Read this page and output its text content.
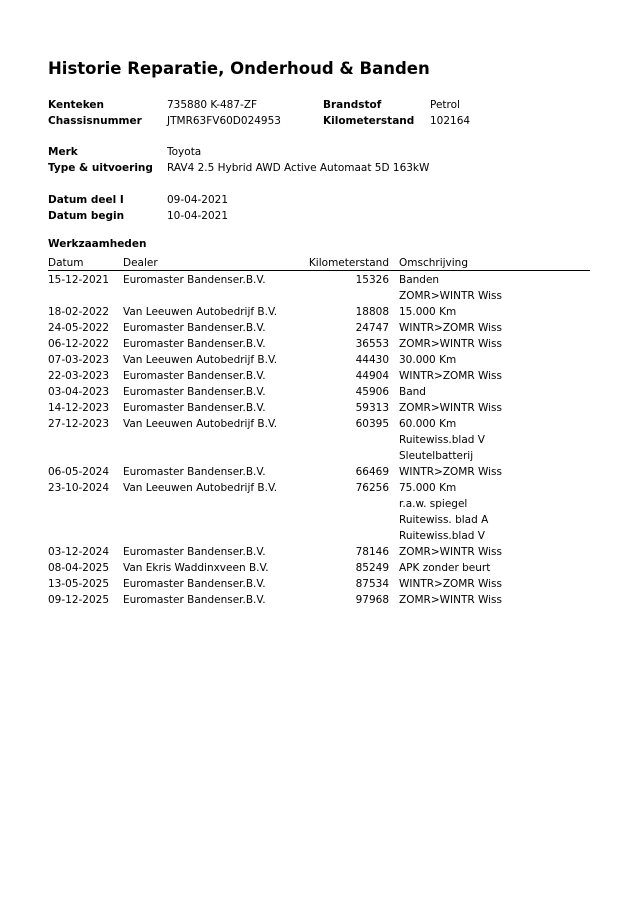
Historie Reparatie, Onderhoud & Banden
Kenteken	735880 K-487-ZF	Brandstof	Petrol
Chassisnummer JTMR63FV60D024953	Kilometerstand 102164
Merk	Toyota
Type & uitvoering RAV4 2.5 Hybrid AWD Active Automaat 5D 163kW
Datum deel I	09-04-2021
Datum begin	10-04-2021
Werkzaamheden
Datum	Dealer	Kilometerstand Omschrijving
15-12-2021 Euromaster Bandenser.B.V.	15326 Banden
ZOMR>WINTR Wiss
18-02-2022 Van Leeuwen Autobedrijf B.V.	18808 15.000 Km
24-05-2022 Euromaster Bandenser.B.V.	24747 WINTR>ZOMR Wiss
06-12-2022 Euromaster Bandenser.B.V.	36553 ZOMR>WINTR Wiss
07-03-2023 Van Leeuwen Autobedrijf B.V.	44430 30.000 Km
22-03-2023 Euromaster Bandenser.B.V.	44904 WINTR>ZOMR Wiss
03-04-2023 Euromaster Bandenser.B.V.	45906 Band
14-12-2023 Euromaster Bandenser.B.V.	59313 ZOMR>WINTR Wiss
27-12-2023 Van Leeuwen Autobedrijf B.V.	60395 60.000 Km
Ruitewiss.blad V
Sleutelbatterij
06-05-2024 Euromaster Bandenser.B.V.	66469 WINTR>ZOMR Wiss
23-10-2024 Van Leeuwen Autobedrijf B.V.	76256 75.000 Km
r.a.w. spiegel
Ruitewiss. blad A
Ruitewiss.blad V
03-12-2024 Euromaster Bandenser.B.V.	78146 ZOMR>WINTR Wiss
08-04-2025 Van Ekris Waddinxveen B.V.	85249 APK zonder beurt
13-05-2025 Euromaster Bandenser.B.V.	87534 WINTR>ZOMR Wiss
09-12-2025 Euromaster Bandenser.B.V.	97968 ZOMR>WINTR Wiss
